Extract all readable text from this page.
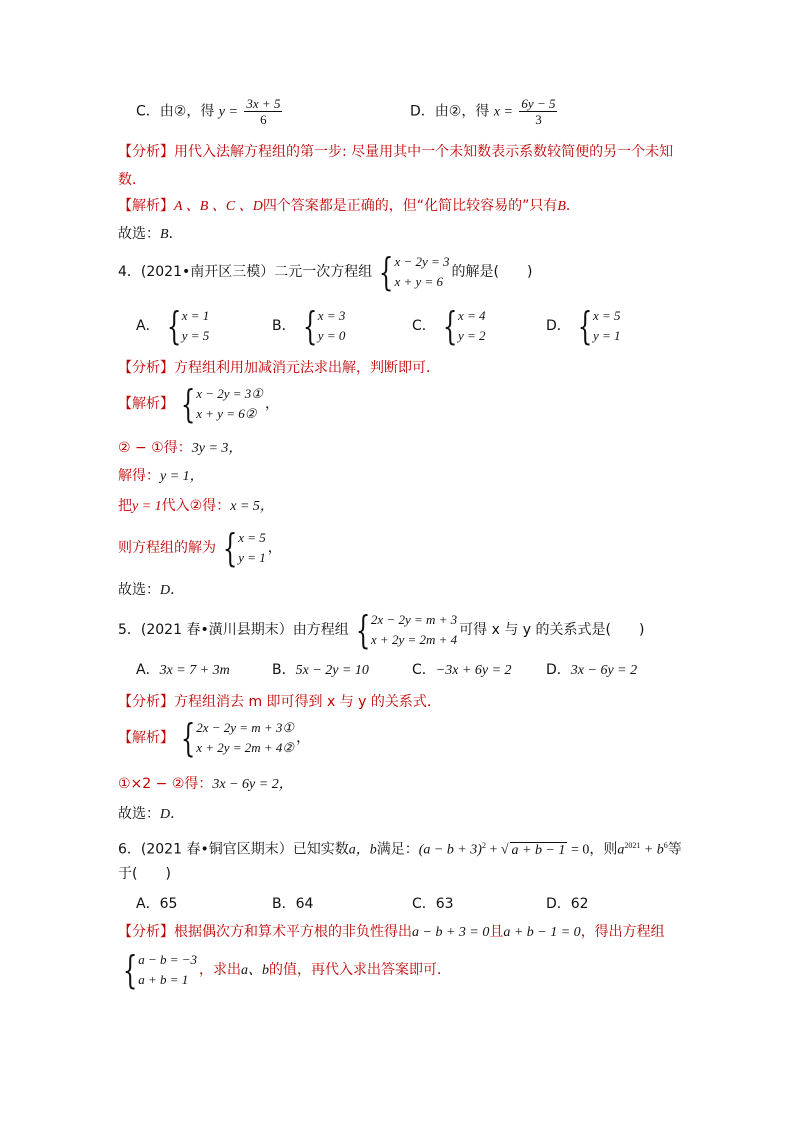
C．由②，得 $y = \frac{3x + 5}{6}$	D．由②，得 $x = \frac{6y - 5}{3}$
【分析】用代入法解方程组的第一步: 尽量用其中一个未知数表示系数较简便的另一个未知
数．
【解析】A 、B 、C 、D四个答案都是正确的，但“化简比较容易的”只有B．
故选：B．
4．(2021•南开区三模）二元一次方程组 { x − 2y = 3
x + y = 6
的解是(　　)
A． { x = 1
y = 5
B． { x = 3
y = 0
C． { x = 4
y = 2
D． { x = 5
y = 1
【分析】方程组利用加减消元法求出解，判断即可．
【解析】 { x − 2y = 3①
x + y = 6②
，
② − ①得：3y = 3，
解得：y = 1，
把y = 1代入②得：x = 5，
则方程组的解为 { x = 5
y = 1
，
故选：D．
5．(2021 春•潢川县期末）由方程组 { 2x − 2y = m + 3
x + 2y = 2m + 4
可得 x 与 y 的关系式是(　　)
A．3x = 7 + 3m	B．5x − 2y = 10	C．−3x + 6y = 2 D．3x − 6y = 2
【分析】方程组消去 m 即可得到 x 与 y 的关系式．
【解析】 { 2x − 2y = m + 3①
x + 2y = 2m + 4②
，
①×2 − ②得：3x − 6y = 2，
故选：D．
6．(2021 春•铜官区期末）已知实数a，b满足：$(a - b + 3)^2$ + √ a + b − 1 = 0，则$a^{2021} + b^6$等
于(　　)
A．65	B．64	C．63	D．62
【分析】根据偶次方和算术平方根的非负性得出a − b + 3 = 0且a + b − 1 = 0，得出方程组
{ a − b = −3
a + b = 1
，求出a、b的值，再代入求出答案即可．
